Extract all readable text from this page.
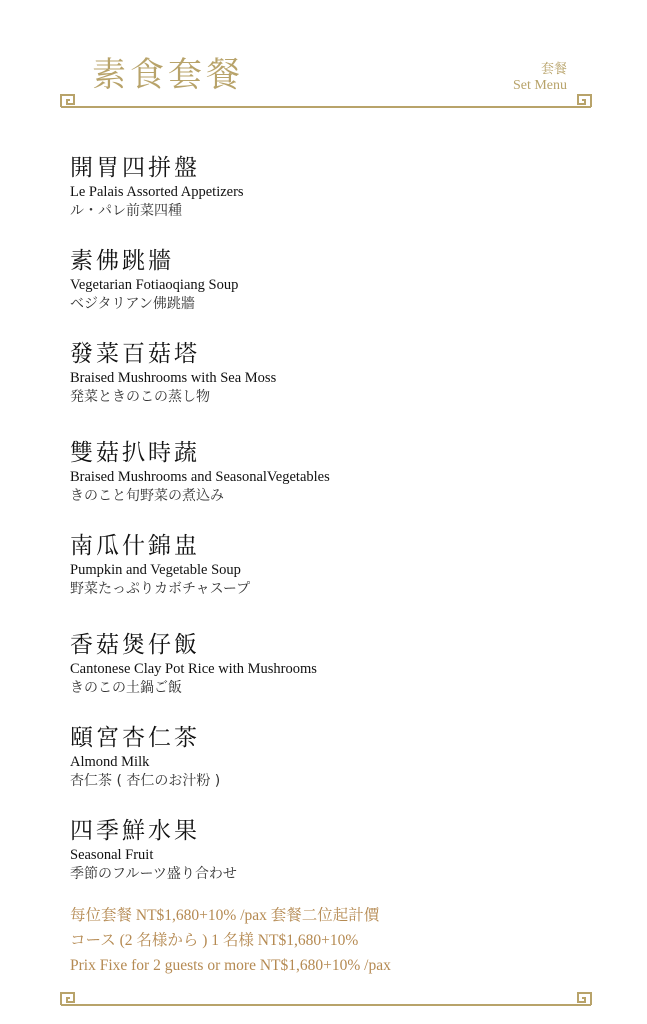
素食套餐	套餐
Set Menu
開胃四拼盤
Le Palais Assorted Appetizers
ル・パレ前菜四種
素佛跳牆
Vegetarian Fotiaoqiang Soup
ベジタリアン佛跳牆
發菜百菇塔
Braised Mushrooms with Sea Moss
発菜ときのこの蒸し物
雙菇扒時蔬
Braised Mushrooms and SeasonalVegetables
きのこと旬野菜の煮込み
南瓜什錦盅
Pumpkin and Vegetable Soup
野菜たっぷりカボチャスープ
香菇煲仔飯
Cantonese Clay Pot Rice with Mushrooms
きのこの土鍋ご飯
頤宮杏仁茶
Almond Milk
杏仁茶 ( 杏仁のお汁粉 )
四季鮮水果
Seasonal Fruit
季節のフルーツ盛り合わせ
每位套餐 NT$1,680+10% /pax 套餐二位起計價
コース (2 名様から ) 1 名様 NT$1,680+10%
Prix Fixe for 2 guests or more NT$1,680+10% /pax
